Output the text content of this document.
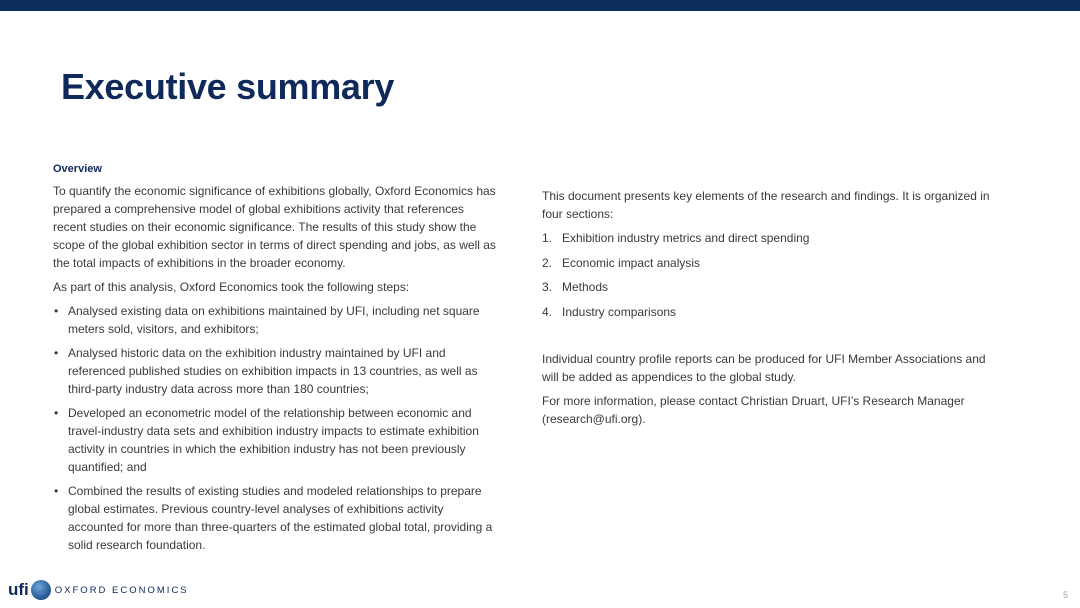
Executive summary
Overview

To quantify the economic significance of exhibitions globally, Oxford Economics has prepared a comprehensive model of global exhibitions activity that references recent studies on their economic significance. The results of this study show the scope of the global exhibition sector in terms of direct spending and jobs, as well as the total impacts of exhibitions in the broader economy.

As part of this analysis, Oxford Economics took the following steps:

• Analysed existing data on exhibitions maintained by UFI, including net square meters sold, visitors, and exhibitors;
• Analysed historic data on the exhibition industry maintained by UFI and referenced published studies on exhibition impacts in 13 countries, as well as third-party industry data across more than 180 countries;
• Developed an econometric model of the relationship between economic and travel-industry data sets and exhibition industry impacts to estimate exhibition activity in countries in which the exhibition industry has not been previously quantified; and
• Combined the results of existing studies and modeled relationships to prepare global estimates. Previous country-level analyses of exhibitions activity accounted for more than three-quarters of the estimated global total, providing a solid research foundation.

This document presents key elements of the research and findings. It is organized in four sections:

1. Exhibition industry metrics and direct spending
2. Economic impact analysis
3. Methods
4. Industry comparisons

Individual country profile reports can be produced for UFI Member Associations and will be added as appendices to the global study.

For more information, please contact Christian Druart, UFI’s Research Manager (research@ufi.org).

ufi	OXFORD ECONOMICS	5
